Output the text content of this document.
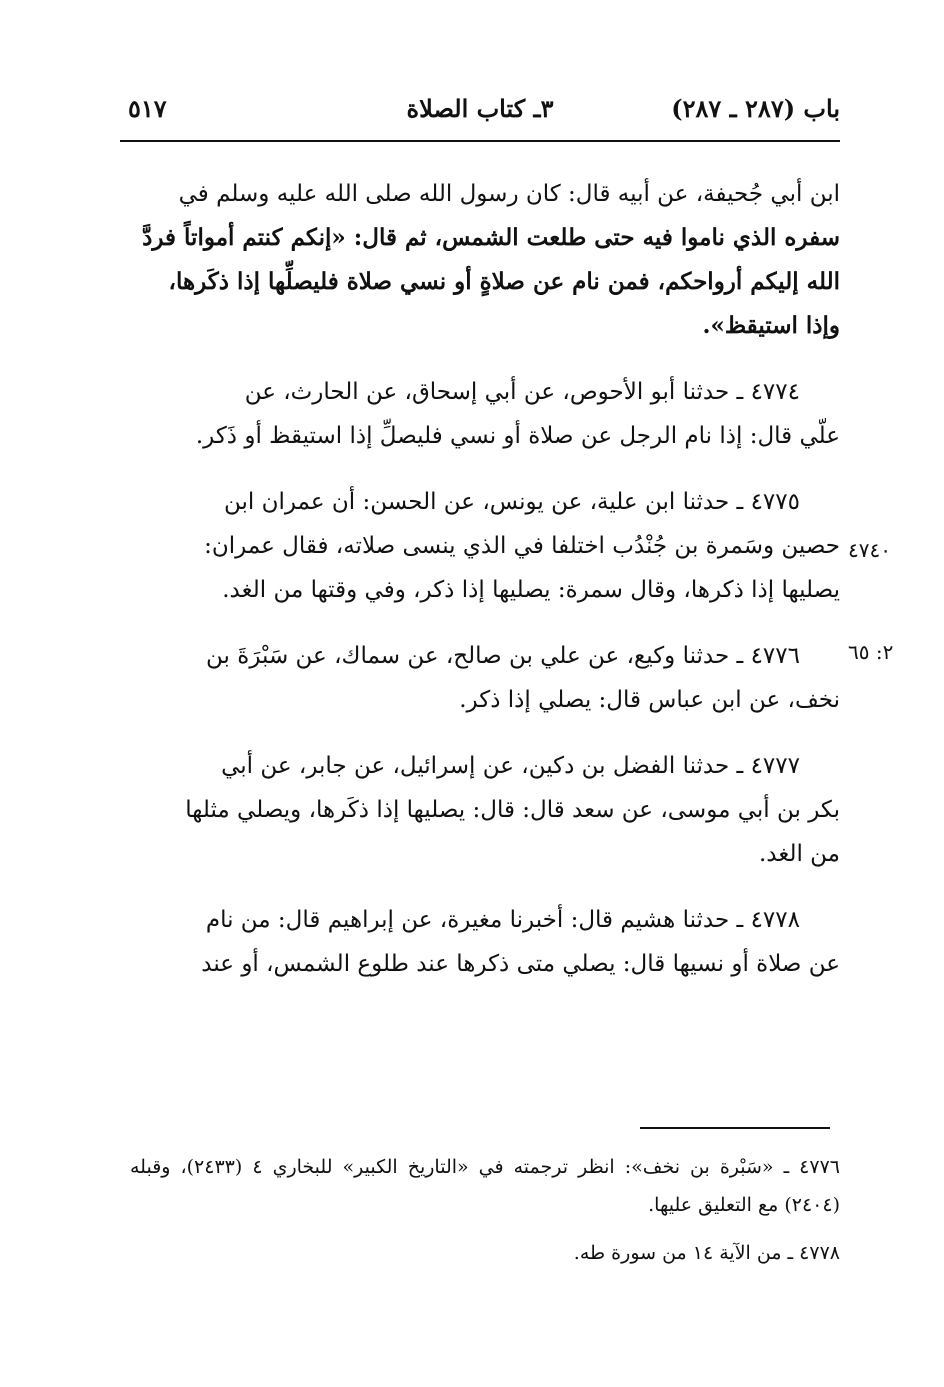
باب (٢٨٧ ـ ٢٨٧)
٣ـ كتاب الصلاة
٥١٧
ابن أبي جُحيفة، عن أبيه قال: كان رسول الله صلى الله عليه وسلم في
سفره الذي ناموا فيه حتى طلعت الشمس، ثم قال: «إنكم كنتم أمواتاً فردَّ
الله إليكم أرواحكم، فمن نام عن صلاةٍ أو نسي صلاة فليصلِّها إذا ذكَرها،
وإذا استيقظ».
٤٧٧٤ ـ حدثنا أبو الأحوص، عن أبي إسحاق، عن الحارث، عن
علّي قال: إذا نام الرجل عن صلاة أو نسي فليصلِّ إذا استيقظ أو ذَكر.
٤٧٧٥ ـ حدثنا ابن علية، عن يونس، عن الحسن: أن عمران ابن
حصين وسَمرة بن جُنْدُب اختلفا في الذي ينسى صلاته، فقال عمران:
يصليها إذا ذكرها، وقال سمرة: يصليها إذا ذكر، وفي وقتها من الغد.
٤٧٧٦ ـ حدثنا وكيع، عن علي بن صالح، عن سماك، عن سَبْرَةَ بن
نخف، عن ابن عباس قال: يصلي إذا ذكر.
٤٧٧٧ ـ حدثنا الفضل بن دكين، عن إسرائيل، عن جابر، عن أبي
بكر بن أبي موسى، عن سعد قال: قال: يصليها إذا ذكَرها، ويصلي مثلها
من الغد.
٤٧٧٨ ـ حدثنا هشيم قال: أخبرنا مغيرة، عن إبراهيم قال: من نام
عن صلاة أو نسيها قال: يصلي متى ذكرها عند طلوع الشمس، أو عند
٤٧٤٠
٢: ٦٥

٤٧٧٦ ـ «سَبْرة بن نخف»: انظر ترجمته في «التاريخ الكبير» للبخاري ٤ (٢٤٣٣)، وقبله (٢٤٠٤) مع التعليق عليها.

٤٧٧٨ ـ من الآية ١٤ من سورة طه.
